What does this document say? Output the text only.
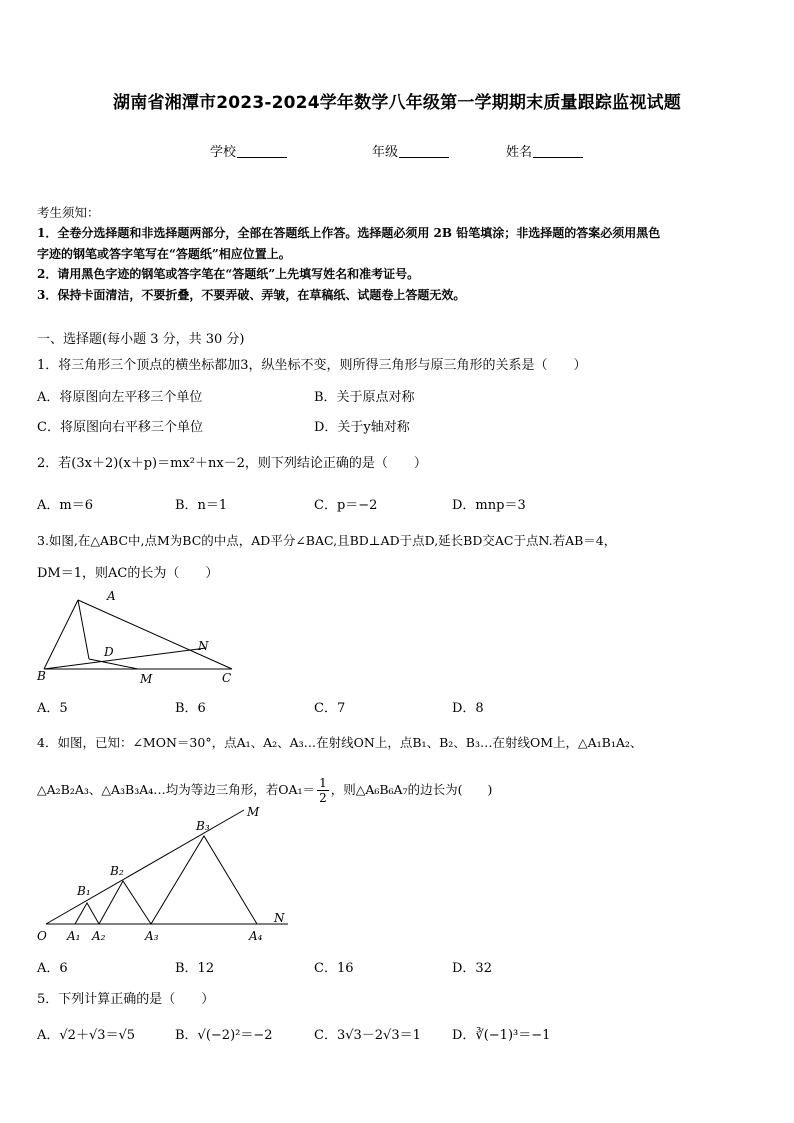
湖南省湘潭市2023-2024学年数学八年级第一学期期末质量跟踪监视试题
学校	年级	姓名
考生须知：
1．全卷分选择题和非选择题两部分，全部在答题纸上作答。选择题必须用 2B 铅笔填涂；非选择题的答案必须用黑色
字迹的钢笔或答字笔写在“答题纸”相应位置上。
2．请用黑色字迹的钢笔或答字笔在“答题纸”上先填写姓名和准考证号。
3．保持卡面清洁，不要折叠，不要弄破、弄皱，在草稿纸、试题卷上答题无效。
一、选择题(每小题 3 分，共 30 分)
1．将三角形三个顶点的横坐标都加3，纵坐标不变，则所得三角形与原三角形的关系是（　　）
A．将原图向左平移三个单位	B．关于原点对称
C．将原图向右平移三个单位	D．关于y轴对称
2．若(3x＋2)(x＋p)＝mx²＋nx－2，则下列结论正确的是（　　）
A．m＝6	B．n＝1	C．p＝−2	D．mnp＝3
3.如图,在△ABC中,点M为BC的中点，AD平分∠BAC,且BD⊥AD于点D,延长BD交AC于点N.若AB＝4，
DM＝1，则AC的长为（　　）
A
B	C
D
M
N
A．5	B．6	C．7	D．8
4．如图，已知：∠MON＝30°，点A₁、A₂、A₃…在射线ON上，点B₁、B₂、B₃…在射线OM上，△A₁B₁A₂、
△A₂B₂A₃、△A₃B₃A₄…均为等边三角形，若$OA_1= \frac{1}{2}$ ，则△A₆B₆A₇的边长为(　　)
O
M
N
A₁ A₂	A₃	A₄
B₁
B₂
B₃
A．6	B．12	C．16	D．32
5．下列计算正确的是（　　）
A．√2＋√3＝√5	B．√(−2)²＝−2	C．3√3－2√3＝1 D．∛(−1)³＝−1
